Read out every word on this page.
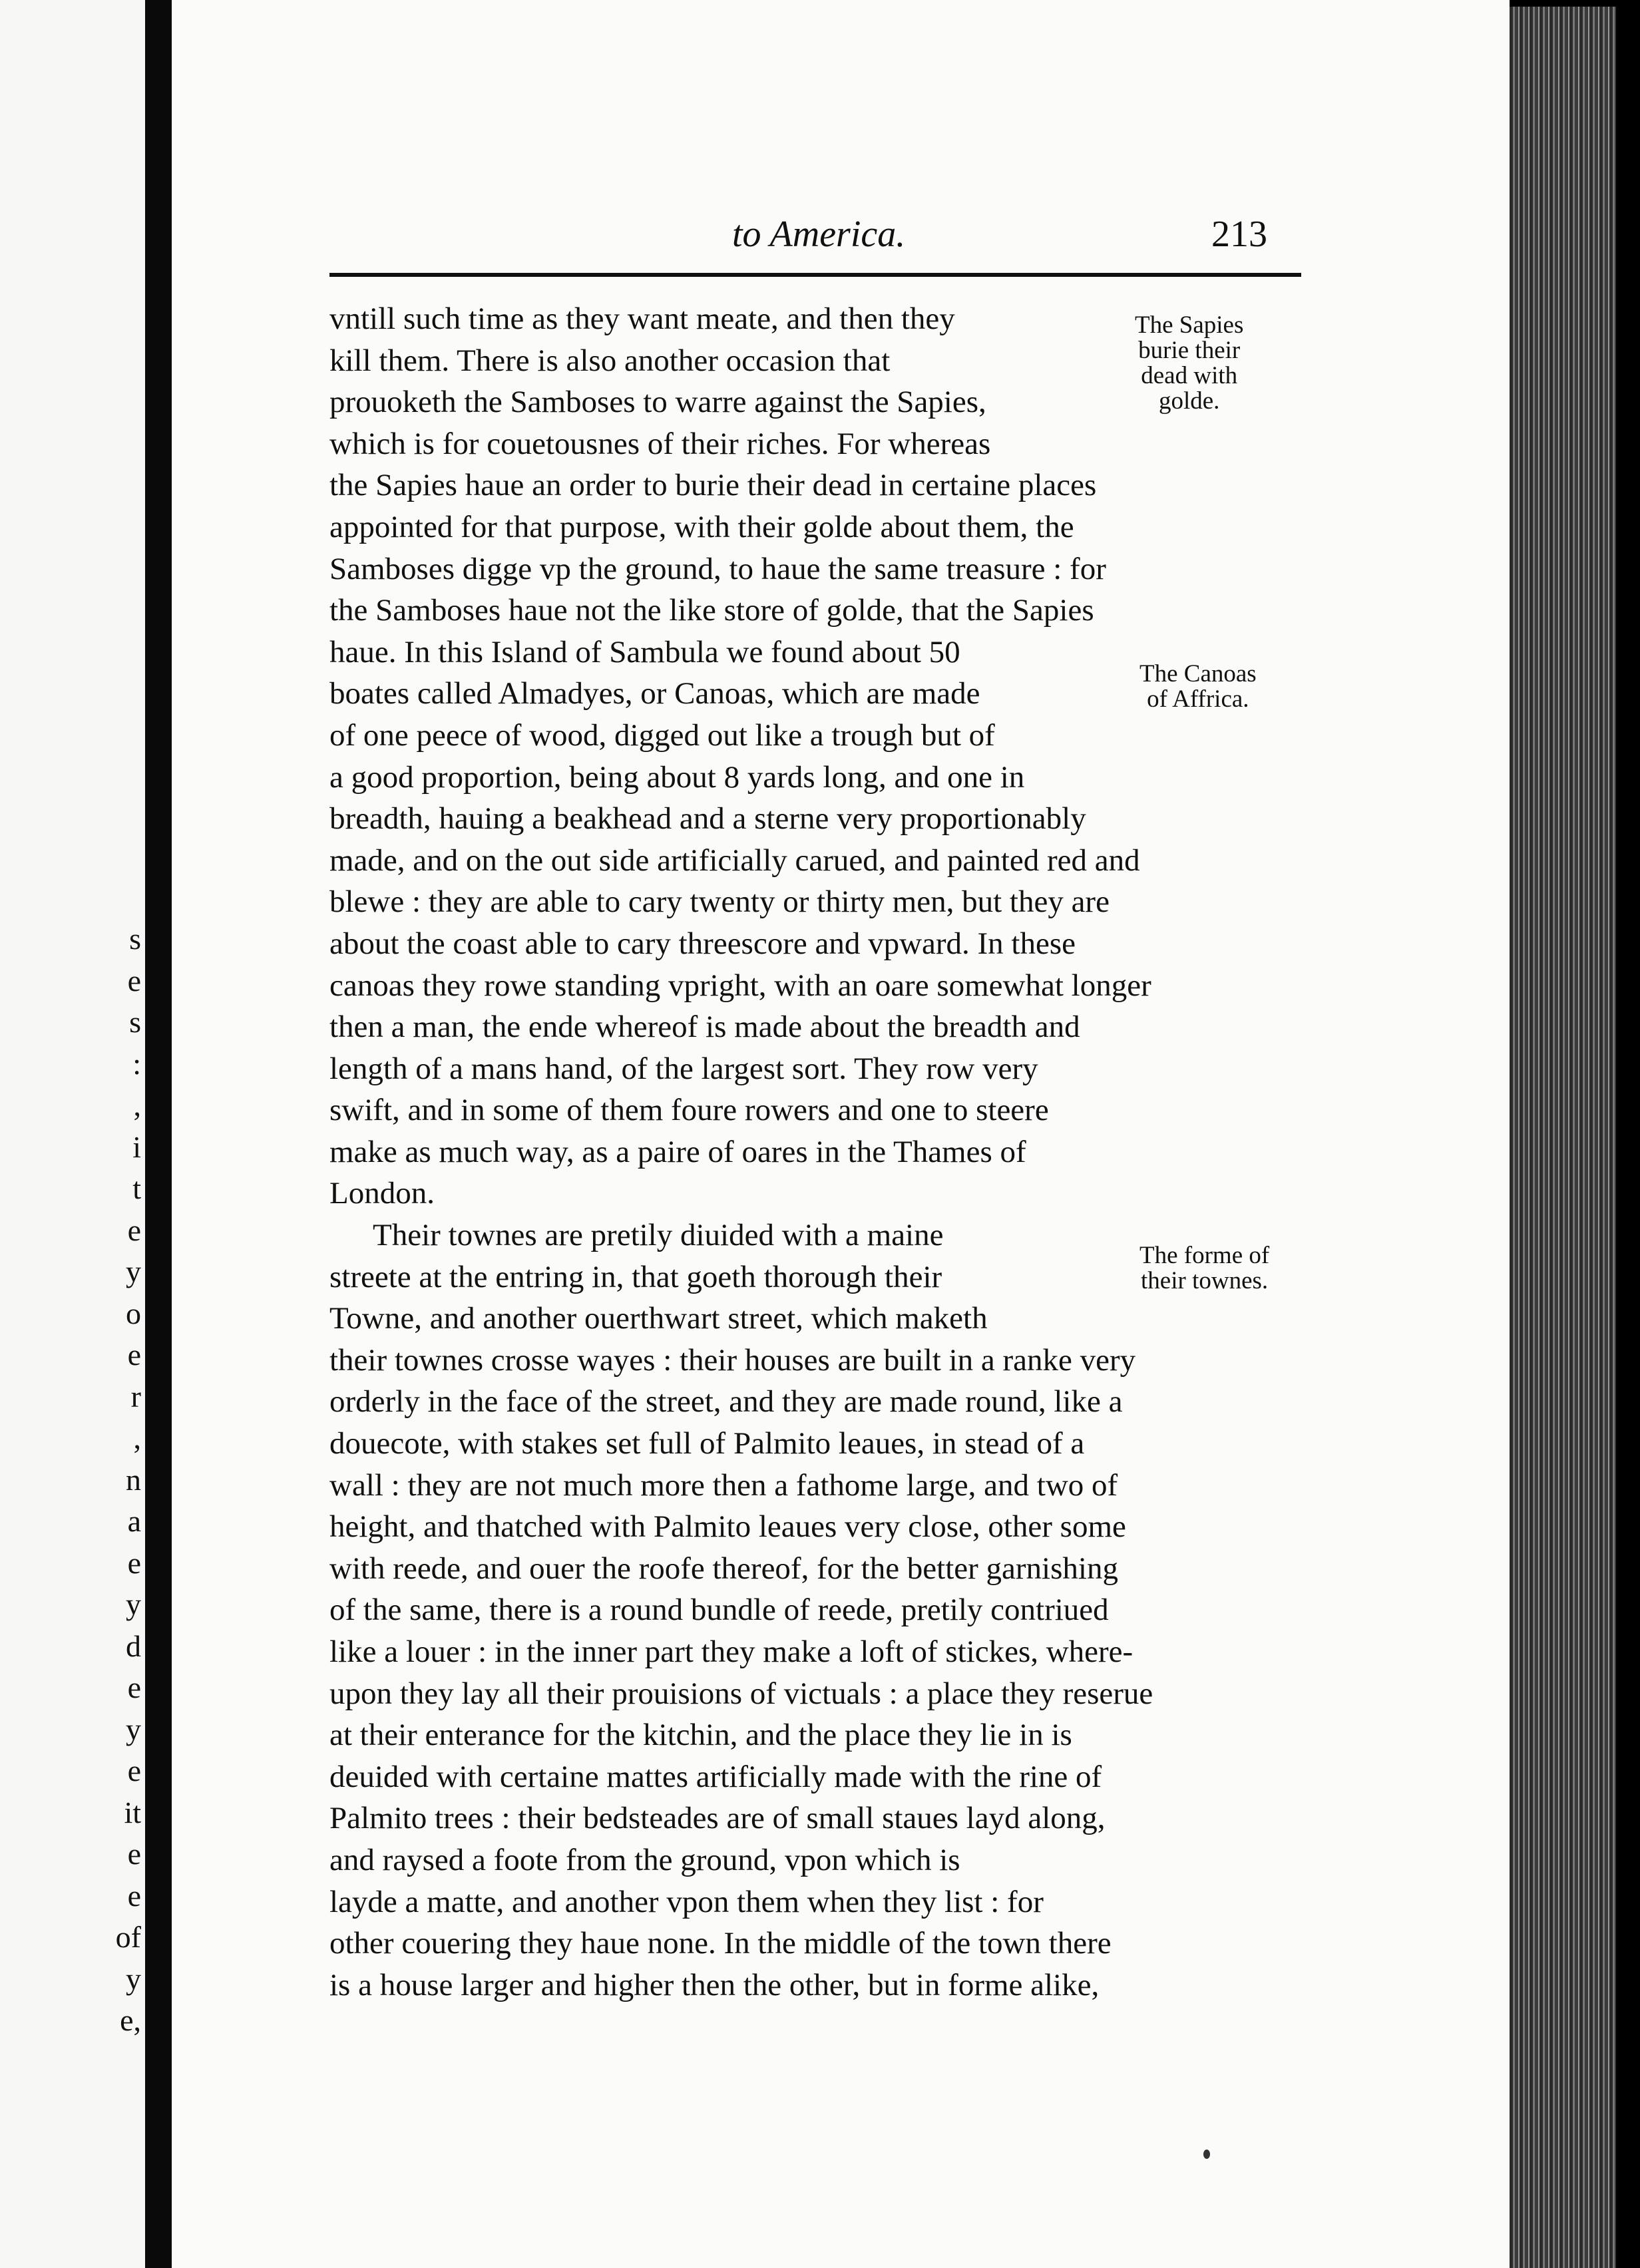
s
e
s
:
,
i
t
e
y
o
e
r
,
n
a
e
y
d
e
y
e
it
e
e
of
y
e,
to America.	213
vntill such time as they want meate, and then they
kill them. There is also another occasion that
prouoketh the Samboses to warre against the Sapies,
which is for couetousnes of their riches. For whereas
the Sapies haue an order to burie their dead in certaine places
appointed for that purpose, with their golde about them, the
Samboses digge vp the ground, to haue the same treasure : for
the Samboses haue not the like store of golde, that the Sapies
haue. In this Island of Sambula we found about 50
boates called Almadyes, or Canoas, which are made
of one peece of wood, digged out like a trough but of
a good proportion, being about 8 yards long, and one in
breadth, hauing a beakhead and a sterne very proportionably
made, and on the out side artificially carued, and painted red and
blewe : they are able to cary twenty or thirty men, but they are
about the coast able to cary threescore and vpward. In these
canoas they rowe standing vpright, with an oare somewhat longer
then a man, the ende whereof is made about the breadth and
length of a mans hand, of the largest sort. They row very
swift, and in some of them foure rowers and one to steere
make as much way, as a paire of oares in the Thames of
London.
Their townes are pretily diuided with a maine
streete at the entring in, that goeth thorough their
Towne, and another ouerthwart street, which maketh
their townes crosse wayes : their houses are built in a ranke very
orderly in the face of the street, and they are made round, like a
douecote, with stakes set full of Palmito leaues, in stead of a
wall : they are not much more then a fathome large, and two of
height, and thatched with Palmito leaues very close, other some
with reede, and ouer the roofe thereof, for the better garnishing
of the same, there is a round bundle of reede, pretily contriued
like a louer : in the inner part they make a loft of stickes, where-
upon they lay all their prouisions of victuals : a place they reserue
at their enterance for the kitchin, and the place they lie in is
deuided with certaine mattes artificially made with the rine of
Palmito trees : their bedsteades are of small staues layd along,
and raysed a foote from the ground, vpon which is
layde a matte, and another vpon them when they list : for
other couering they haue none. In the middle of the town there
is a house larger and higher then the other, but in forme alike,
The Sapies
burie their
dead with
golde.
The Canoas
of Affrica.
The forme of
their townes.
